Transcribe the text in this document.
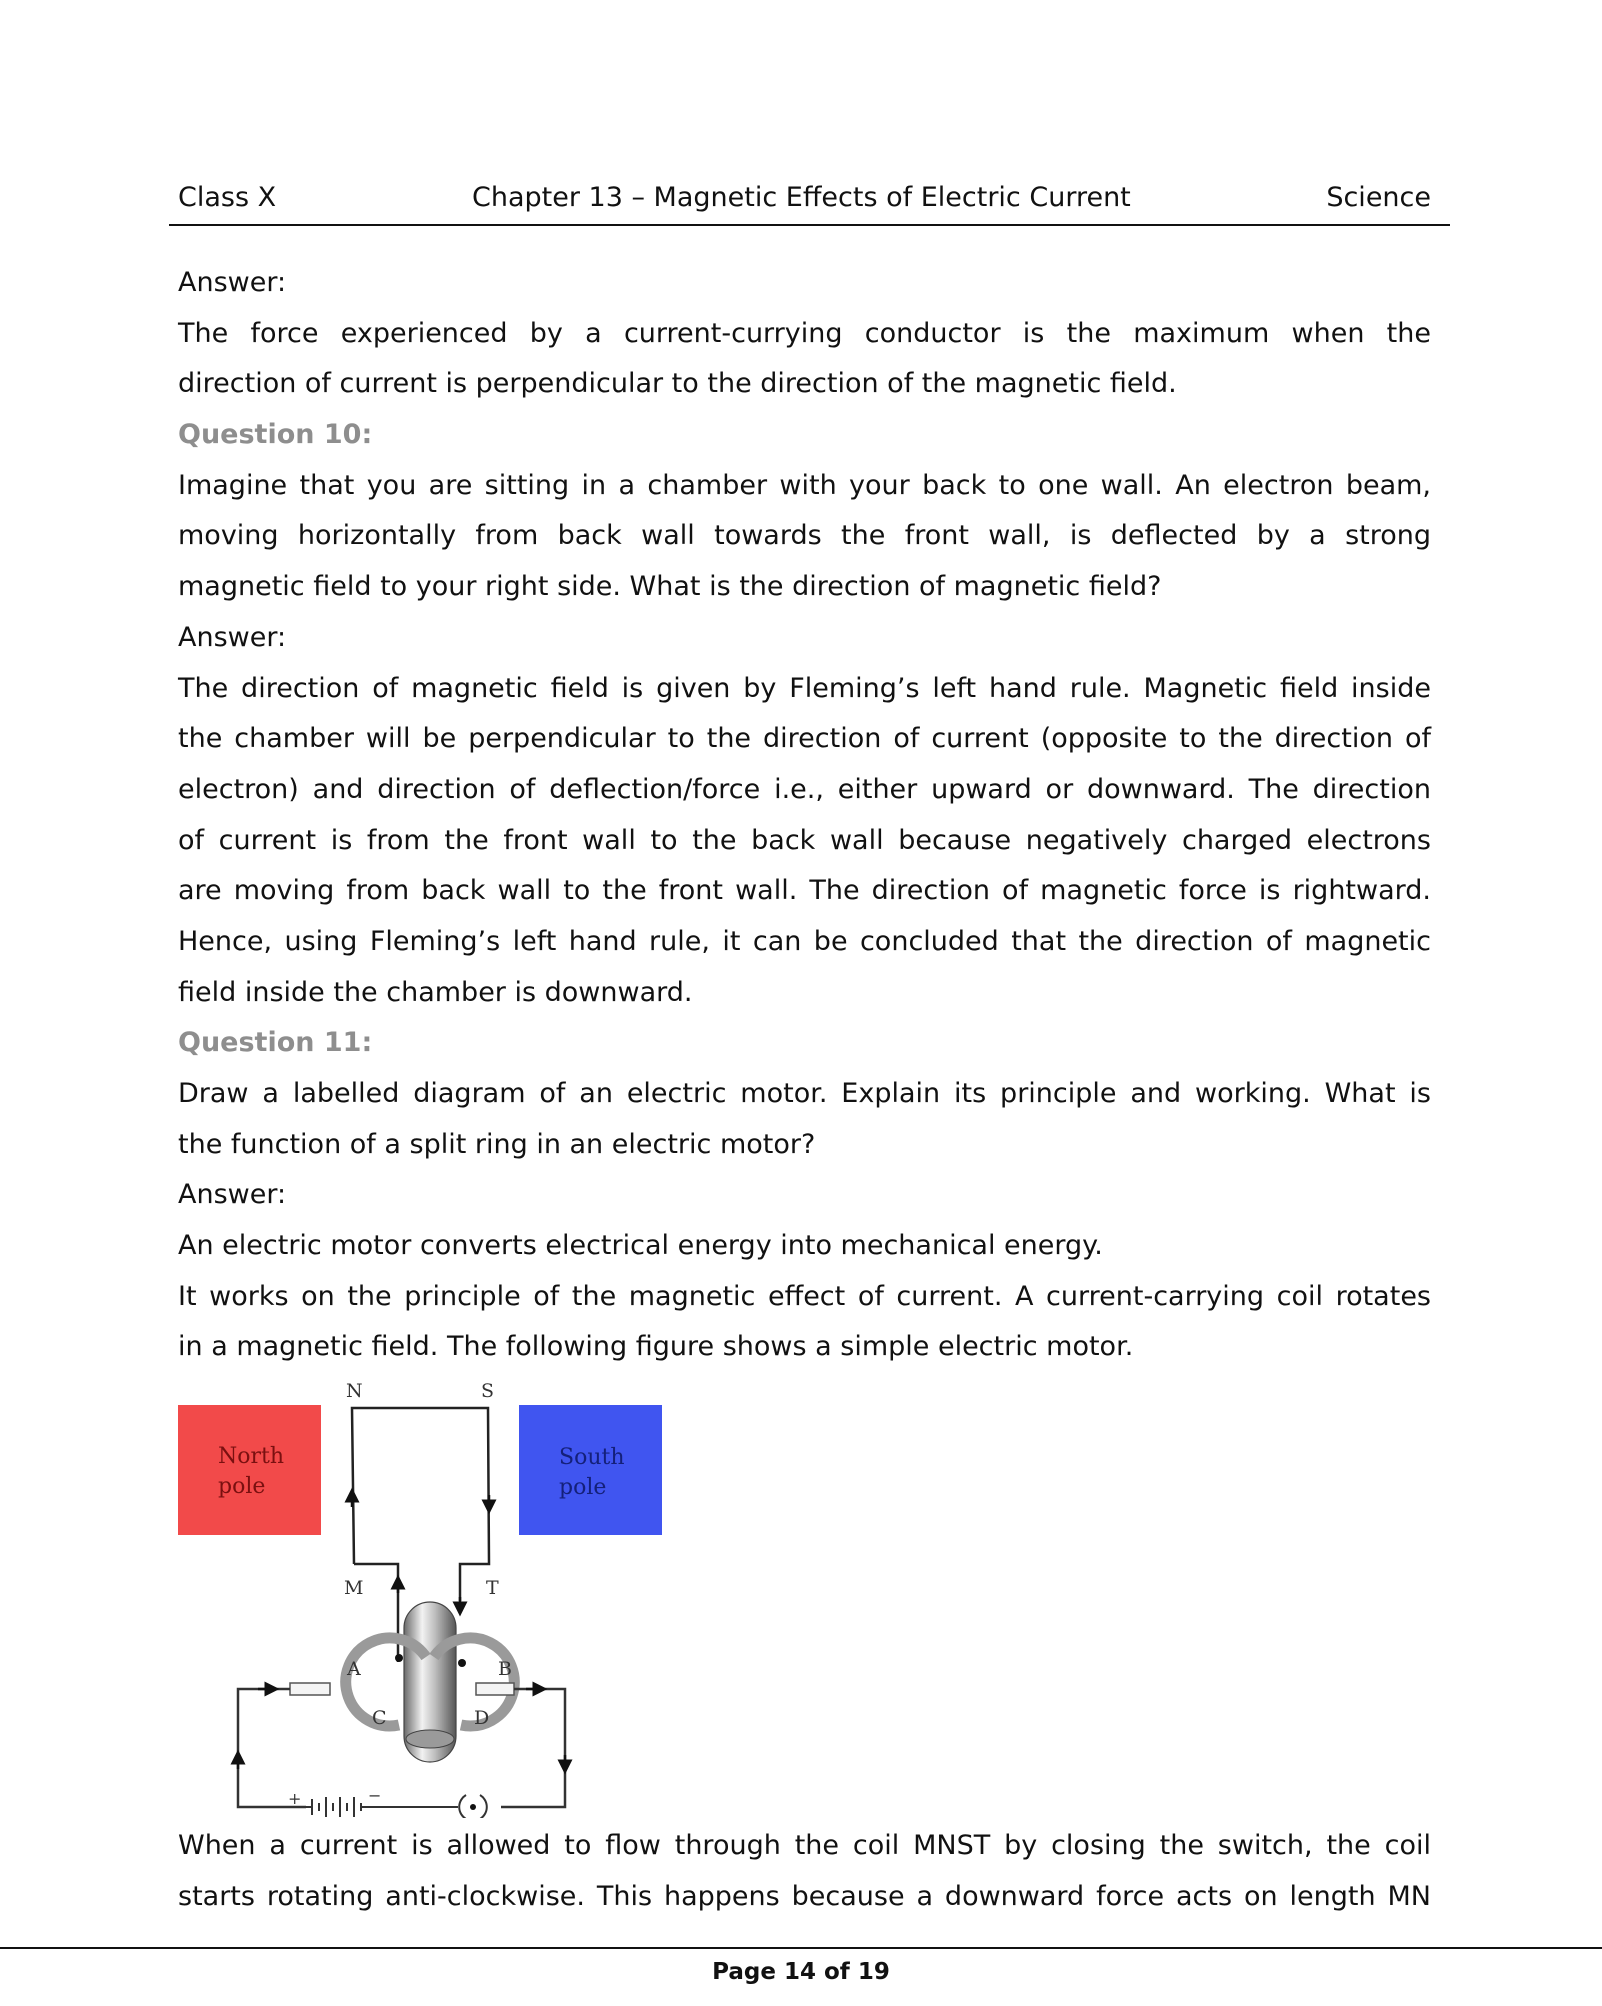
Class X	Chapter 13 – Magnetic Effects of Electric Current	Science
Answer:
The force experienced by a current-currying conductor is the maximum when the
direction of current is perpendicular to the direction of the magnetic field.
Question 10:
Imagine that you are sitting in a chamber with your back to one wall. An electron beam,
moving horizontally from back wall towards the front wall, is deflected by a strong
magnetic field to your right side. What is the direction of magnetic field?
Answer:
The direction of magnetic field is given by Fleming’s left hand rule. Magnetic field inside
the chamber will be perpendicular to the direction of current (opposite to the direction of
electron) and direction of deflection/force i.e., either upward or downward. The direction
of current is from the front wall to the back wall because negatively charged electrons
are moving from back wall to the front wall. The direction of magnetic force is rightward.
Hence, using Fleming’s left hand rule, it can be concluded that the direction of magnetic
field inside the chamber is downward.
Question 11:
Draw a labelled diagram of an electric motor. Explain its principle and working. What is
the function of a split ring in an electric motor?
Answer:
An electric motor converts electrical energy into mechanical energy.
It works on the principle of the magnetic effect of current. A current-carrying coil rotates
in a magnetic field. The following figure shows a simple electric motor.
North
pole
South
pole
+	−
N	S
M	T
A	B
C	D
When a current is allowed to flow through the coil MNST by closing the switch, the coil
starts rotating anti-clockwise. This happens because a downward force acts on length MN
Page 14 of 19
